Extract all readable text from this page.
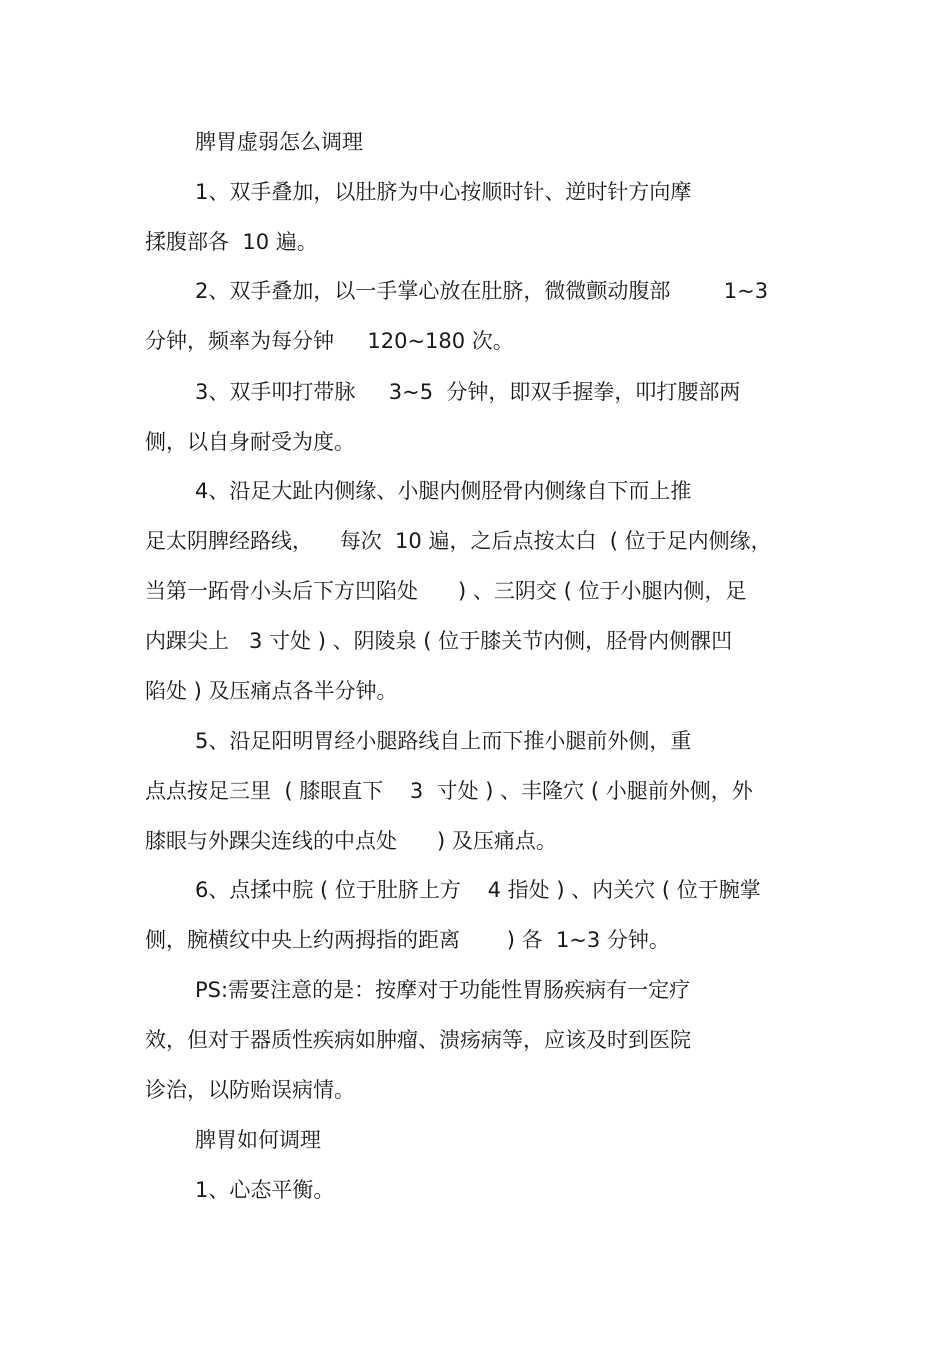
脾胃虚弱怎么调理

1、双手叠加，以肚脐为中心按顺时针、逆时针方向摩

揉腹部各  10 遍。

2、双手叠加，以一手掌心放在肚脐，微微颤动腹部        1~3

分钟，频率为每分钟     120~180 次。

3、双手叩打带脉     3~5  分钟，即双手握拳，叩打腰部两

侧，以自身耐受为度。

4、沿足大趾内侧缘、小腿内侧胫骨内侧缘自下而上推

足太阴脾经路线，    每次  10 遍，之后点按太白  ( 位于足内侧缘，

当第一跖骨小头后下方凹陷处      ) 、三阴交 ( 位于小腿内侧，足

内踝尖上   3 寸处 ) 、阴陵泉 ( 位于膝关节内侧，胫骨内侧髁凹

陷处 ) 及压痛点各半分钟。

5、沿足阳明胃经小腿路线自上而下推小腿前外侧，重

点点按足三里  ( 膝眼直下    3  寸处 ) 、丰隆穴 ( 小腿前外侧，外

膝眼与外踝尖连线的中点处      ) 及压痛点。

6、点揉中脘 ( 位于肚脐上方    4 指处 ) 、内关穴 ( 位于腕掌

侧，腕横纹中央上约两拇指的距离       ) 各  1~3 分钟。

PS:需要注意的是：按摩对于功能性胃肠疾病有一定疗

效，但对于器质性疾病如肿瘤、溃疡病等，应该及时到医院

诊治，以防贻误病情。

脾胃如何调理

1、心态平衡。
